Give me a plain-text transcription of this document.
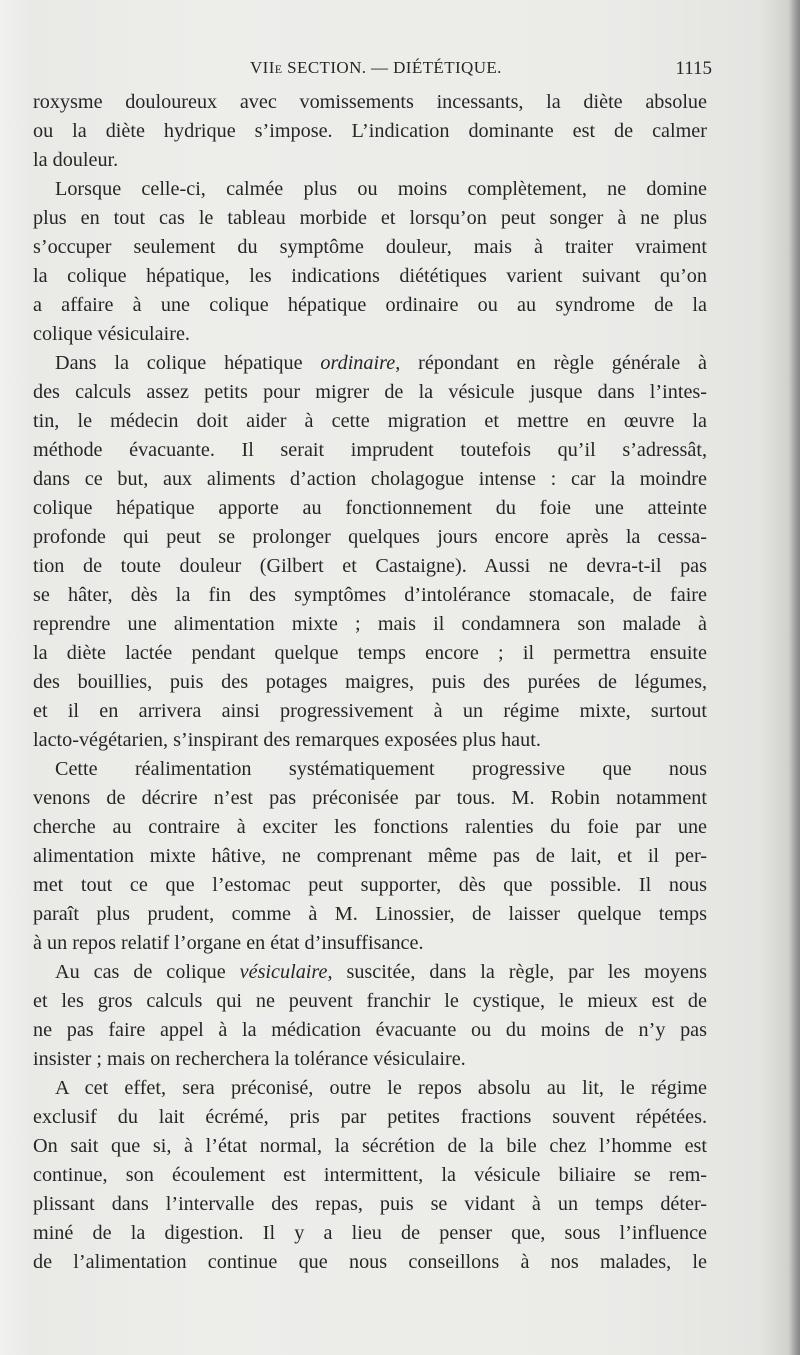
VIIe SECTION. — DIÉTÉTIQUE.	1115
roxysme douloureux avec vomissements incessants, la diète absolue
ou la diète hydrique s’impose. L’indication dominante est de calmer
la douleur.
Lorsque celle-ci, calmée plus ou moins complètement, ne domine
plus en tout cas le tableau morbide et lorsqu’on peut songer à ne plus
s’occuper seulement du symptôme douleur, mais à traiter vraiment
la colique hépatique, les indications diététiques varient suivant qu’on
a affaire à une colique hépatique ordinaire ou au syndrome de la
colique vésiculaire.
Dans la colique hépatique ordinaire, répondant en règle générale à
des calculs assez petits pour migrer de la vésicule jusque dans l’intes-
tin, le médecin doit aider à cette migration et mettre en œuvre la
méthode évacuante. Il serait imprudent toutefois qu’il s’adressât,
dans ce but, aux aliments d’action cholagogue intense : car la moindre
colique hépatique apporte au fonctionnement du foie une atteinte
profonde qui peut se prolonger quelques jours encore après la cessa-
tion de toute douleur (Gilbert et Castaigne). Aussi ne devra-t-il pas
se hâter, dès la fin des symptômes d’intolérance stomacale, de faire
reprendre une alimentation mixte ; mais il condamnera son malade à
la diète lactée pendant quelque temps encore ; il permettra ensuite
des bouillies, puis des potages maigres, puis des purées de légumes,
et il en arrivera ainsi progressivement à un régime mixte, surtout
lacto-végétarien, s’inspirant des remarques exposées plus haut.
Cette réalimentation systématiquement progressive que nous
venons de décrire n’est pas préconisée par tous. M. Robin notamment
cherche au contraire à exciter les fonctions ralenties du foie par une
alimentation mixte hâtive, ne comprenant même pas de lait, et il per-
met tout ce que l’estomac peut supporter, dès que possible. Il nous
paraît plus prudent, comme à M. Linossier, de laisser quelque temps
à un repos relatif l’organe en état d’insuffisance.
Au cas de colique vésiculaire, suscitée, dans la règle, par les moyens
et les gros calculs qui ne peuvent franchir le cystique, le mieux est de
ne pas faire appel à la médication évacuante ou du moins de n’y pas
insister ; mais on recherchera la tolérance vésiculaire.
A cet effet, sera préconisé, outre le repos absolu au lit, le régime
exclusif du lait écrémé, pris par petites fractions souvent répétées.
On sait que si, à l’état normal, la sécrétion de la bile chez l’homme est
continue, son écoulement est intermittent, la vésicule biliaire se rem-
plissant dans l’intervalle des repas, puis se vidant à un temps déter-
miné de la digestion. Il y a lieu de penser que, sous l’influence
de l’alimentation continue que nous conseillons à nos malades, le
